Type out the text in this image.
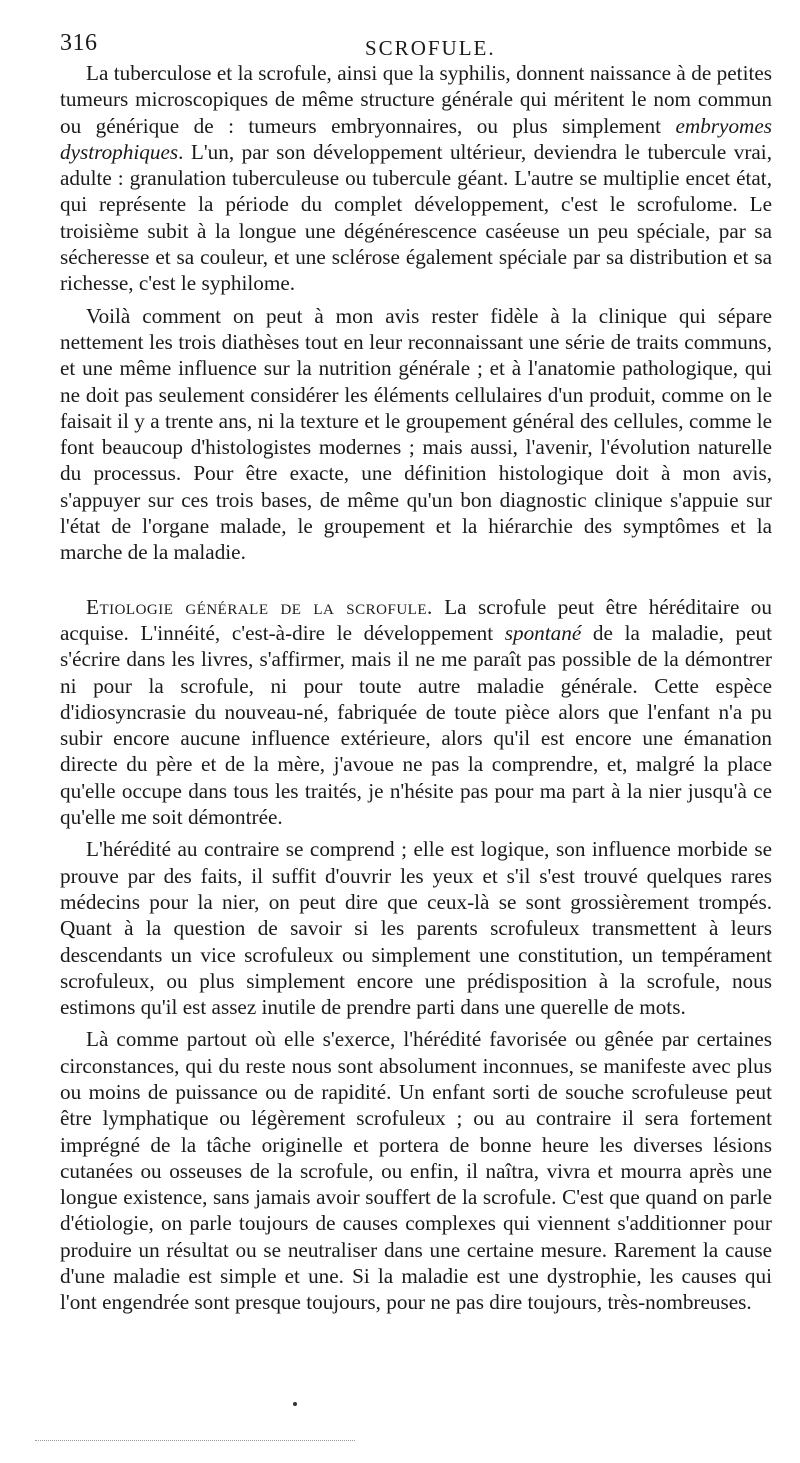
316	SCROFULE.

La tuberculose et la scrofule, ainsi que la syphilis, donnent naissance à de petites tumeurs microscopiques de même structure générale qui méritent le nom commun ou générique de : tumeurs embryonnaires, ou plus simplement embryomes dystrophiques. L'un, par son développement ultérieur, deviendra le tubercule vrai, adulte : granulation tuberculeuse ou tubercule géant. L'autre se multiplie encet état, qui représente la période du complet développement, c'est le scrofulome. Le troisième subit à la longue une dégénérescence caséeuse un peu spéciale, par sa sécheresse et sa couleur, et une sclérose également spéciale par sa distribution et sa richesse, c'est le syphilome.

Voilà comment on peut à mon avis rester fidèle à la clinique qui sépare nettement les trois diathèses tout en leur reconnaissant une série de traits communs, et une même influence sur la nutrition générale ; et à l'anatomie pathologique, qui ne doit pas seulement considérer les éléments cellulaires d'un produit, comme on le faisait il y a trente ans, ni la texture et le groupement général des cellules, comme le font beaucoup d'histologistes modernes ; mais aussi, l'avenir, l'évolution naturelle du processus. Pour être exacte, une définition histologique doit à mon avis, s'appuyer sur ces trois bases, de même qu'un bon diagnostic clinique s'appuie sur l'état de l'organe malade, le groupement et la hiérarchie des symptômes et la marche de la maladie.

Etiologie générale de la scrofule. La scrofule peut être héréditaire ou acquise. L'innéité, c'est-à-dire le développement spontané de la maladie, peut s'écrire dans les livres, s'affirmer, mais il ne me paraît pas possible de la démontrer ni pour la scrofule, ni pour toute autre maladie générale. Cette espèce d'idiosyncrasie du nouveau-né, fabriquée de toute pièce alors que l'enfant n'a pu subir encore aucune influence extérieure, alors qu'il est encore une émanation directe du père et de la mère, j'avoue ne pas la comprendre, et, malgré la place qu'elle occupe dans tous les traités, je n'hésite pas pour ma part à la nier jusqu'à ce qu'elle me soit démontrée.

L'hérédité au contraire se comprend ; elle est logique, son influence morbide se prouve par des faits, il suffit d'ouvrir les yeux et s'il s'est trouvé quelques rares médecins pour la nier, on peut dire que ceux-là se sont grossièrement trompés. Quant à la question de savoir si les parents scrofuleux transmettent à leurs descendants un vice scrofuleux ou simplement une constitution, un tempérament scrofuleux, ou plus simplement encore une prédisposition à la scrofule, nous estimons qu'il est assez inutile de prendre parti dans une querelle de mots.

Là comme partout où elle s'exerce, l'hérédité favorisée ou gênée par certaines circonstances, qui du reste nous sont absolument inconnues, se manifeste avec plus ou moins de puissance ou de rapidité. Un enfant sorti de souche scrofuleuse peut être lymphatique ou légèrement scrofuleux ; ou au contraire il sera fortement imprégné de la tâche originelle et portera de bonne heure les diverses lésions cutanées ou osseuses de la scrofule, ou enfin, il naîtra, vivra et mourra après une longue existence, sans jamais avoir souffert de la scrofule. C'est que quand on parle d'étiologie, on parle toujours de causes complexes qui viennent s'additionner pour produire un résultat ou se neutraliser dans une certaine mesure. Rarement la cause d'une maladie est simple et une. Si la maladie est une dystrophie, les causes qui l'ont engendrée sont presque toujours, pour ne pas dire toujours, très-nombreuses.
